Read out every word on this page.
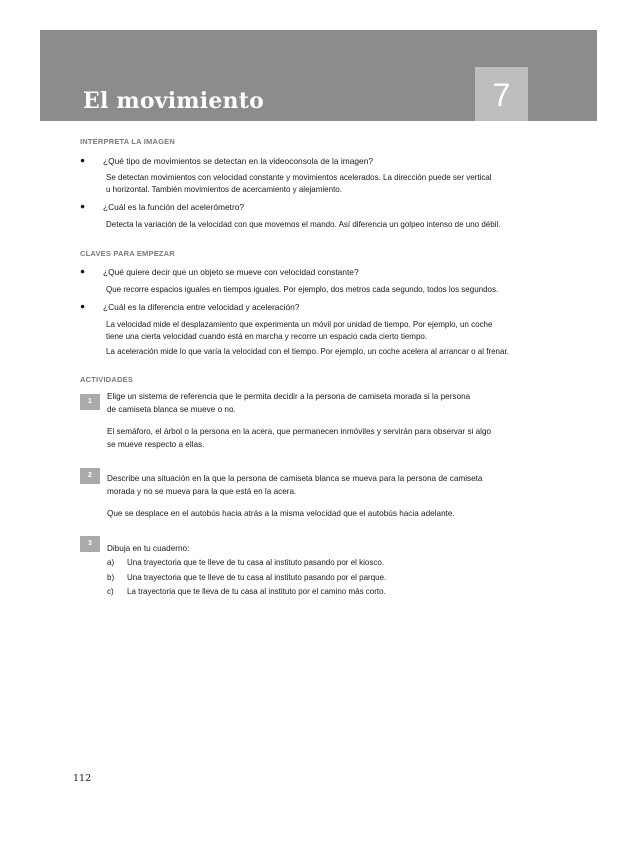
El movimiento	7
INTERPRETA LA IMAGEN
● ¿Qué tipo de movimientos se detectan en la videoconsola de la imagen?
Se detectan movimientos con velocidad constante y movimientos acelerados. La dirección puede ser vertical
u horizontal. También movimientos de acercamiento y alejamiento.
● ¿Cuál es la función del acelerómetro?
Detecta la variación de la velocidad con que movemos el mando. Así diferencia un golpeo intenso de uno débil.
CLAVES PARA EMPEZAR
● ¿Qué quiere decir que un objeto se mueve con velocidad constante?
Que recorre espacios iguales en tiempos iguales. Por ejemplo, dos metros cada segundo, todos los segundos.
● ¿Cuál es la diferencia entre velocidad y aceleración?
La velocidad mide el desplazamiento que experimenta un móvil por unidad de tiempo. Por ejemplo, un coche
tiene una cierta velocidad cuando está en marcha y recorre un espacio cada cierto tiempo.
La aceleración mide lo que varía la velocidad con el tiempo. Por ejemplo, un coche acelera al arrancar o al frenar.
ACTIVIDADES
1
Elige un sistema de referencia que le permita decidir a la persona de camiseta morada si la persona
de camiseta blanca se mueve o no.
El semáforo, el árbol o la persona en la acera, que permanecen inmóviles y servirán para observar si algo
se mueve respecto a ellas.
2	Describe una situación en la que la persona de camiseta blanca se mueva para la persona de camiseta
morada y no se mueva para la que está en la acera.
Que se desplace en el autobús hacia atrás a la misma velocidad que el autobús hacia adelante.
3
Dibuja en tu cuaderno:
a) Una trayectoria que te lleve de tu casa al instituto pasando por el kiosco.
b) Una trayectoria que te lleve de tu casa al instituto pasando por el parque.
c) La trayectoria que te lleva de tu casa al instituto por el camino más corto.
112
